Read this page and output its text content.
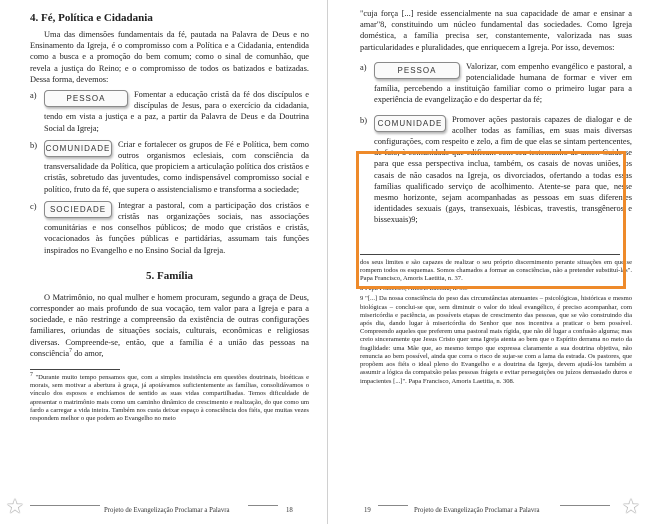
4. Fé, Política e Cidadania

Uma das dimensões fundamentais da fé, pautada na Palavra de Deus e no Ensinamento da Igreja, é o compromisso com a Política e a Cidadania, entendida como a busca e a promoção do bem comum; como o sinal de comunhão, que revela a justiça do Reino; e o compromisso de todos os batizados e batizadas. Dessa forma, devemos:

a)	PESSOA	Fomentar a educação cristã da fé dos discípulos e discípulas de Jesus, para o exercício da cidadania, tendo em vista a justiça e a paz, a partir da Palavra de Deus e da Doutrina Social da Igreja;
b) COMUNIDADE Criar e fortalecer os grupos de Fé e Política, bem como outros organismos eclesiais, com consciência da transversalidade da Política, que propiciem a articulação política dos cristãos e cristãs, sobretudo das juventudes, como indispensável compromisso social e político, fruto da fé, que supera o assistencialismo e transforma a sociedade;
c)	SOCIEDADE	Integrar a pastoral, com a participação dos cristãos e cristãs nas organizações sociais, nas associações comunitárias e nos conselhos públicos; de modo que cristãos e cristãs, vocacionados às funções públicas e partidárias, assumam tais funções inspirados no Evangelho e no Ensino Social da Igreja.
5. Família

O Matrimônio, no qual mulher e homem procuram, segundo a graça de Deus, corresponder ao mais profundo de sua vocação, tem valor para a Igreja e para a sociedade, e não restringe a compreensão da existência de outras configurações familiares, oriundas de situações sociais, culturais, econômicas e religiosas diversas. Compreende-se, então, que a família é a união das pessoas na consciência$^7$ do amor,

$^7$ "Durante muito tempo pensamos que, com a simples insistência em questões doutrinais, bioéticas e morais, sem motivar a abertura à graça, já apoiávamos suficientemente as famílias, consolidávamos o vínculo dos esposos e enchíamos de sentido as suas vidas compartilhadas. Temos dificuldade de apresentar o matrimônio mais como um caminho dinâmico de crescimento e realização, do que como um fardo a carregar a vida inteira. Também nos custa deixar espaço à consciência dos fiéis, que muitas vezes respondem melhor o que podem ao Evangelho no meio

★	Projeto de Evangelização Proclamar a Palavra	18

"cuja força [...] reside essencialmente na sua capacidade de amar e ensinar a amar"8, constituindo um núcleo fundamental das sociedades. Como Igreja doméstica, a família precisa ser, constantemente, valorizada nas suas particularidades e pluralidades, que enriquecem a Igreja. Por isso, devemos:

a)	PESSOA	Valorizar, com empenho evangélico e pastoral, a potencialidade humana de formar e viver em família, percebendo a instituição familiar como o primeiro lugar para a experiência de evangelização e do despertar da fé;
b)	COMUNIDADE	Promover ações pastorais capazes de dialogar e de acolher todas as famílias, em suas mais diversas configurações, com respeito e zelo, a fim de que elas se sintam pertencentes, de fato, à comunidade que edificam com seu testemunho de amor. Cuide-se para que essa perspectiva inclua, também, os casais de novas uniões, os casais de não casados na Igreja, os divorciados, ofertando a todas essas famílias qualificado serviço de acolhimento. Atente-se para que, nesse mesmo horizonte, sejam acompanhadas as pessoas em suas diferentes identidades sexuais (gays, transexuais, lésbicas, travestis, transgêneros e bissexuais)9;

dos seus limites e são capazes de realizar o seu próprio discernimento perante situações em que se rompem todos os esquemas. Somos chamados a formar as consciências, não a pretender substituí-las". Papa Francisco, Amoris Laetitia, n. 37.

8 Papa Francisco, Amoris Laetitia, n. 53.

9 "[...] Da nossa consciência do peso das circunstâncias atenuantes – psicológicas, históricas e mesmo biológicas – conclui-se que, sem diminuir o valor do ideal evangélico, é preciso acompanhar, com misericórdia e paciência, as possíveis etapas de crescimento das pessoas, que se vão construindo dia após dia, dando lugar à misericórdia do Senhor que nos incentiva a praticar o bem possível. Compreendo aqueles que preferem uma pastoral mais rígida, que não dê lugar a confusão alguma; mas creio sinceramente que Jesus Cristo quer uma Igreja atenta ao bem que o Espírito derrama no meio da fragilidade: uma Mãe que, ao mesmo tempo que expressa claramente a sua doutrina objetiva, não renuncia ao bem possível, ainda que corra o risco de sujar-se com a lama da estrada. Os pastores, que propõem aos fiéis o ideal pleno do Evangelho e a doutrina da Igreja, devem ajudá-los também a assumir a lógica da compaixão pelas pessoas frágeis e evitar perseguições ou juízos demasiado duros e impacientes [...]". Papa Francisco, Amoris Laetitia, n. 308.

19	Projeto de Evangelização Proclamar a Palavra	★
